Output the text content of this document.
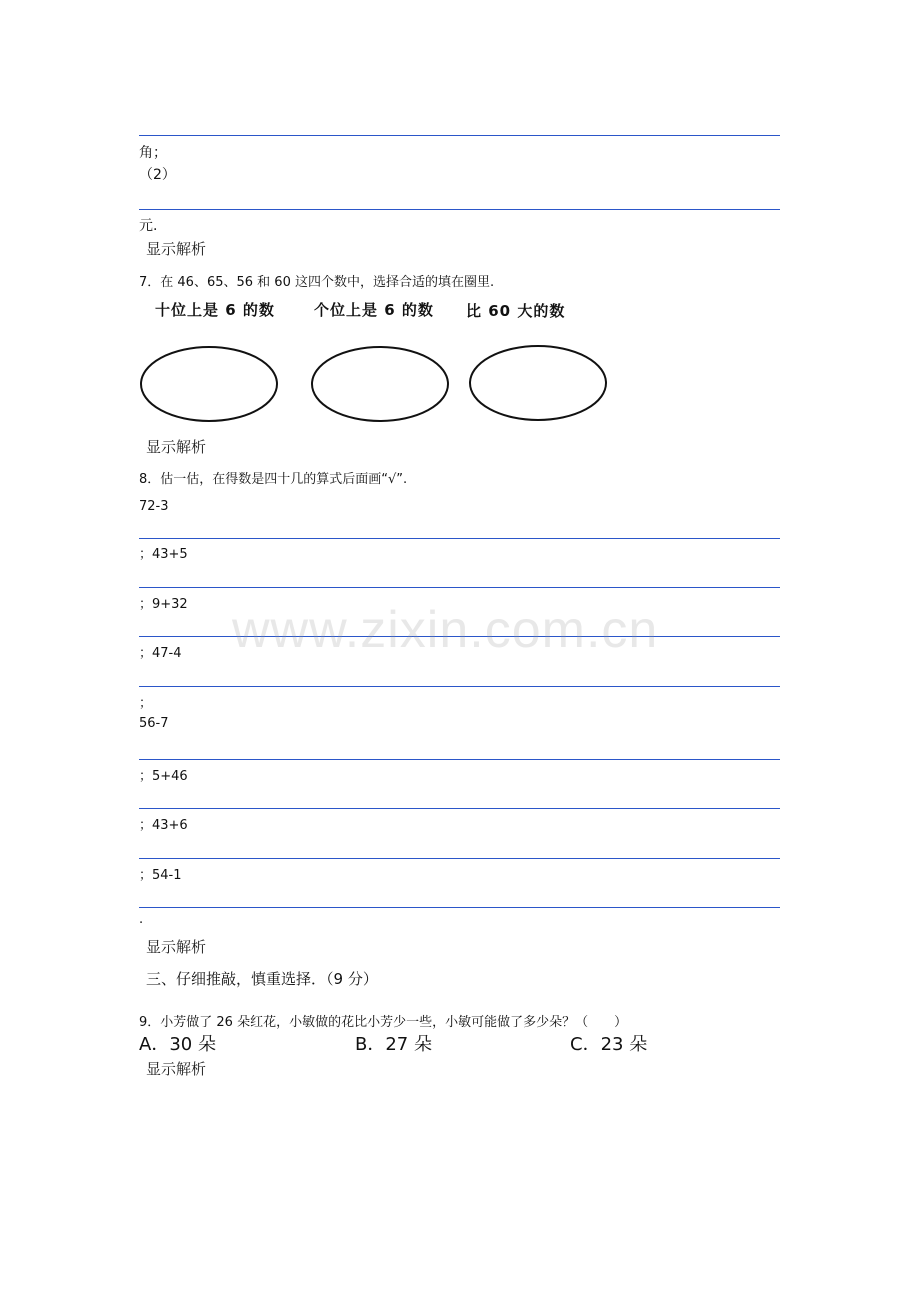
角；
（2）
元.
显示解析
7．在 46、65、56 和 60 这四个数中，选择合适的填在圈里.
十位上是 6 的数	个位上是 6 的数 比 60 大的数
显示解析
8．估一估，在得数是四十几的算式后面画“√”.
72-3
；43+5
；9+32
；47-4
；
56-7
；5+46
；43+6
；54-1
.
显示解析
三、仔细推敲，慎重选择．（9 分）
9．小芳做了 26 朵红花，小敏做的花比小芳少一些，小敏可能做了多少朵？（　　）
A．30 朵	B．27 朵	C．23 朵
显示解析
www.zixin.com.cn
